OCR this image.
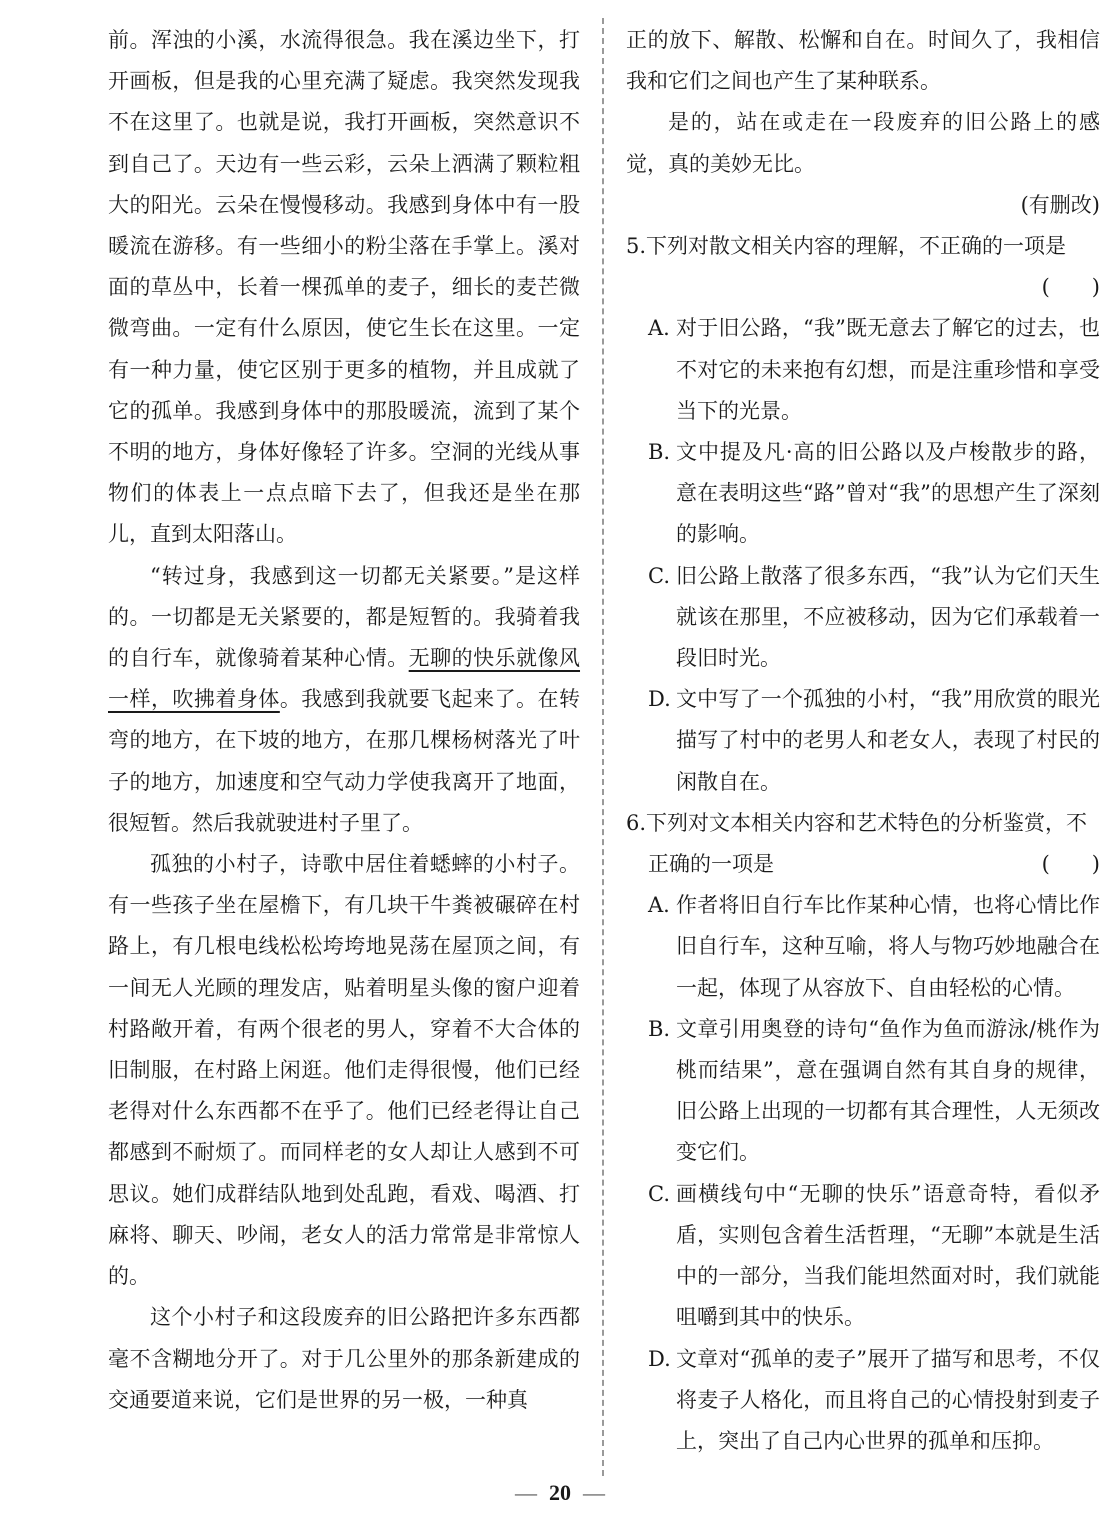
前。浑浊的小溪，水流得很急。我在溪边坐下，打开画板，但是我的心里充满了疑虑。我突然发现我不在这里了。也就是说，我打开画板，突然意识不到自己了。天边有一些云彩，云朵上洒满了颗粒粗大的阳光。云朵在慢慢移动。我感到身体中有一股暖流在游移。有一些细小的粉尘落在手掌上。溪对面的草丛中，长着一棵孤单的麦子，细长的麦芒微微弯曲。一定有什么原因，使它生长在这里。一定有一种力量，使它区别于更多的植物，并且成就了它的孤单。我感到身体中的那股暖流，流到了某个不明的地方，身体好像轻了许多。空洞的光线从事物们的体表上一点点暗下去了，但我还是坐在那儿，直到太阳落山。

“转过身，我感到这一切都无关紧要。”是这样的。一切都是无关紧要的，都是短暂的。我骑着我的自行车，就像骑着某种心情。无聊的快乐就像风一样，吹拂着身体。我感到我就要飞起来了。在转弯的地方，在下坡的地方，在那几棵杨树落光了叶子的地方，加速度和空气动力学使我离开了地面，很短暂。然后我就驶进村子里了。

孤独的小村子，诗歌中居住着蟋蟀的小村子。有一些孩子坐在屋檐下，有几块干牛粪被碾碎在村路上，有几根电线松松垮垮地晃荡在屋顶之间，有一间无人光顾的理发店，贴着明星头像的窗户迎着村路敞开着，有两个很老的男人，穿着不大合体的旧制服，在村路上闲逛。他们走得很慢，他们已经老得对什么东西都不在乎了。他们已经老得让自己都感到不耐烦了。而同样老的女人却让人感到不可思议。她们成群结队地到处乱跑，看戏、喝酒、打麻将、聊天、吵闹，老女人的活力常常是非常惊人的。

这个小村子和这段废弃的旧公路把许多东西都毫不含糊地分开了。对于几公里外的那条新建成的交通要道来说，它们是世界的另一极，一种真

正的放下、解散、松懈和自在。时间久了，我相信我和它们之间也产生了某种联系。

是的，站在或走在一段废弃的旧公路上的感觉，真的美妙无比。

(有删改)

5. 下列对散文相关内容的理解，不正确的一项是
(　　)
A. 对于旧公路，“我”既无意去了解它的过去，也不对它的未来抱有幻想，而是注重珍惜和享受当下的光景。
B. 文中提及凡·高的旧公路以及卢梭散步的路，意在表明这些“路”曾对“我”的思想产生了深刻的影响。
C. 旧公路上散落了很多东西，“我”认为它们天生就该在那里，不应被移动，因为它们承载着一段旧时光。
D. 文中写了一个孤独的小村，“我”用欣赏的眼光描写了村中的老男人和老女人，表现了村民的闲散自在。
6. 下列对文本相关内容和艺术特色的分析鉴赏，不
正确的一项是	(　　)
A. 作者将旧自行车比作某种心情，也将心情比作旧自行车，这种互喻，将人与物巧妙地融合在一起，体现了从容放下、自由轻松的心情。
B. 文章引用奥登的诗句“鱼作为鱼而游泳/桃作为桃而结果”，意在强调自然有其自身的规律，旧公路上出现的一切都有其合理性，人无须改变它们。
C. 画横线句中“无聊的快乐”语意奇特，看似矛盾，实则包含着生活哲理，“无聊”本就是生活中的一部分，当我们能坦然面对时，我们就能咀嚼到其中的快乐。
D. 文章对“孤单的麦子”展开了描写和思考，不仅将麦子人格化，而且将自己的心情投射到麦子上，突出了自己内心世界的孤单和压抑。
— 20 —
